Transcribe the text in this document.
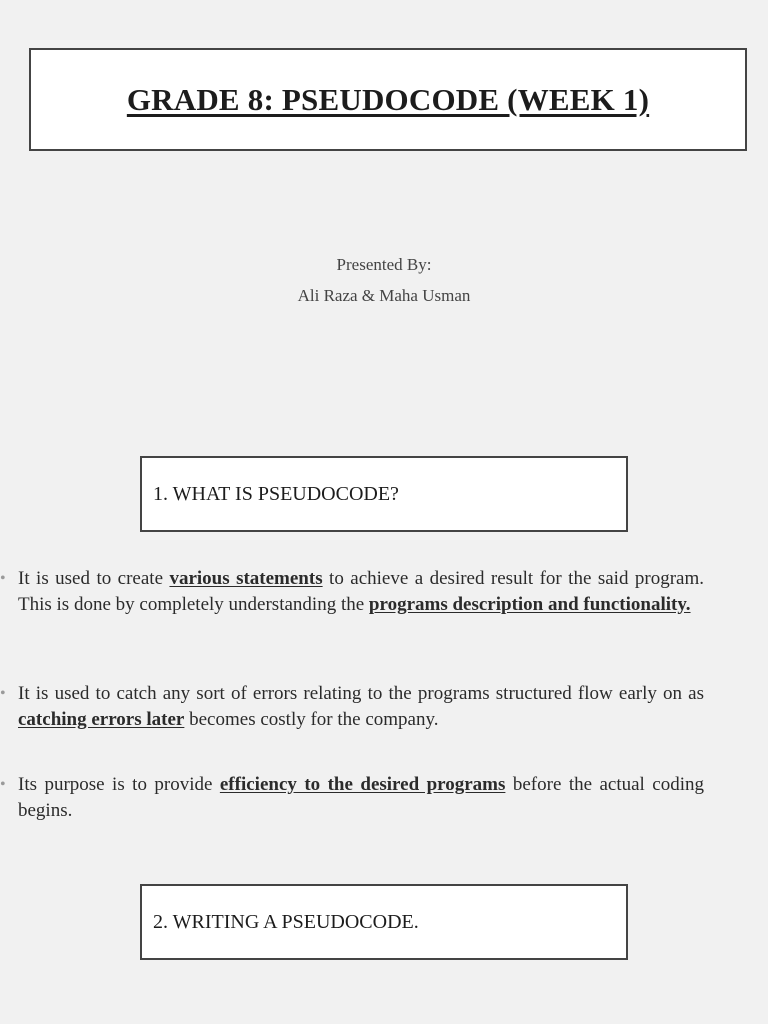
GRADE 8: PSEUDOCODE (WEEK 1)
Presented By:
Ali Raza & Maha Usman
1. WHAT IS PSEUDOCODE?
• It is used to create various statements to achieve a desired result for the said program. This is done by completely understanding the programs description and functionality.
• It is used to catch any sort of errors relating to the programs structured flow early on as catching errors later becomes costly for the company.
• Its purpose is to provide efficiency to the desired programs before the actual coding begins.
2. WRITING A PSEUDOCODE.
